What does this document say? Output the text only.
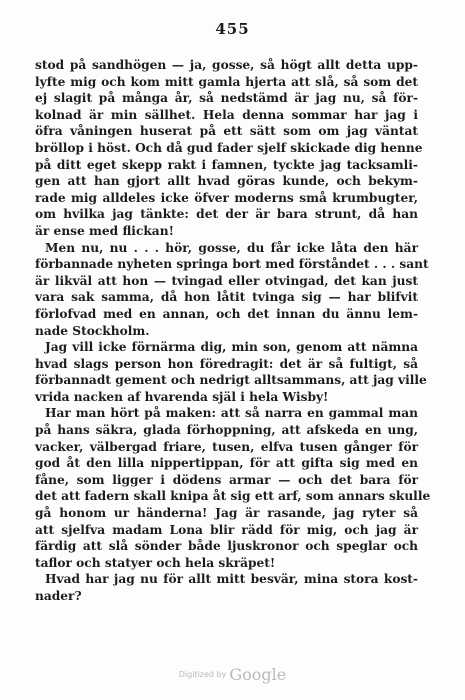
455
stod på sandhögen — ja, gosse, så högt allt detta upp-
lyfte mig och kom mitt gamla hjerta att slå, så som det
ej slagit på många år, så nedstämd är jag nu, så för-
kolnad är min sällhet. Hela denna sommar har jag i
öfra våningen huserat på ett sätt som om jag väntat
bröllop i höst. Och då gud fader sjelf skickade dig henne
på ditt eget skepp rakt i famnen, tyckte jag tacksamli-
gen att han gjort allt hvad göras kunde, och bekym-
rade mig alldeles icke öfver moderns små krumbugter,
om hvilka jag tänkte: det der är bara strunt, då han
är ense med flickan!
Men nu, nu . . . hör, gosse, du får icke låta den här
förbannade nyheten springa bort med förståndet . . . sant
är likväl att hon — tvingad eller otvingad, det kan just
vara sak samma, då hon låtit tvinga sig — har blifvit
förlofvad med en annan, och det innan du ännu lem-
nade Stockholm.
Jag vill icke förnärma dig, min son, genom att nämna
hvad slags person hon föredragit: det är så fultigt, så
förbannadt gement och nedrigt alltsammans, att jag ville
vrida nacken af hvarenda själ i hela Wisby!
Har man hört på maken: att så narra en gammal man
på hans säkra, glada förhoppning, att afskeda en ung,
vacker, välbergad friare, tusen, elfva tusen gånger för
god åt den lilla nippertippan, för att gifta sig med en
fåne, som ligger i dödens armar — och det bara för
det att fadern skall knipa åt sig ett arf, som annars skulle
gå honom ur händerna! Jag är rasande, jag ryter så
att sjelfva madam Lona blir rädd för mig, och jag är
färdig att slå sönder både ljuskronor och speglar och
taflor och statyer och hela skräpet!
Hvad har jag nu för allt mitt besvär, mina stora kost-
nader?
Digitized by Google
